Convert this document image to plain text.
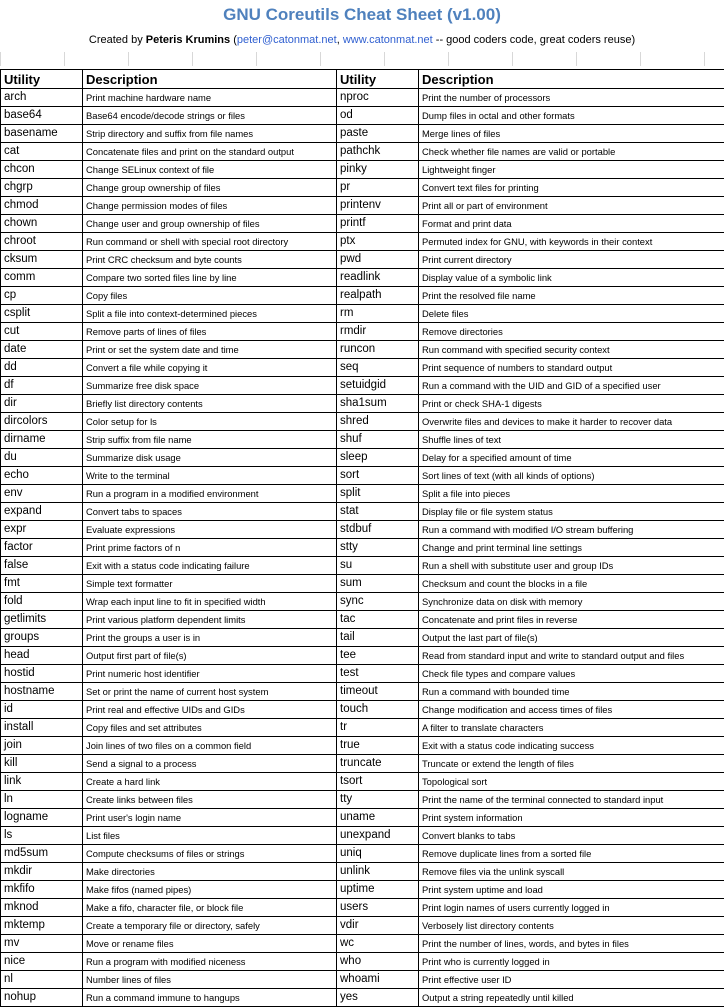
GNU Coreutils Cheat Sheet (v1.00)
Created by Peteris Krumins (peter@catonmat.net, www.catonmat.net -- good coders code, great coders reuse)
Utility	Description	Utility	Description
arch	Print machine hardware name	nproc	Print the number of processors
base64	Base64 encode/decode strings or files	od	Dump files in octal and other formats
basename	Strip directory and suffix from file names	paste	Merge lines of files
cat	Concatenate files and print on the standard output	pathchk	Check whether file names are valid or portable
chcon	Change SELinux context of file	pinky	Lightweight finger
chgrp	Change group ownership of files	pr	Convert text files for printing
chmod	Change permission modes of files	printenv	Print all or part of environment
chown	Change user and group ownership of files	printf	Format and print data
chroot	Run command or shell with special root directory	ptx	Permuted index for GNU, with keywords in their context
cksum	Print CRC checksum and byte counts	pwd	Print current directory
comm	Compare two sorted files line by line	readlink	Display value of a symbolic link
cp	Copy files	realpath	Print the resolved file name
csplit	Split a file into context-determined pieces	rm	Delete files
cut	Remove parts of lines of files	rmdir	Remove directories
date	Print or set the system date and time	runcon	Run command with specified security context
dd	Convert a file while copying it	seq	Print sequence of numbers to standard output
df	Summarize free disk space	setuidgid	Run a command with the UID and GID of a specified user
dir	Briefly list directory contents	sha1sum	Print or check SHA-1 digests
dircolors	Color setup for ls	shred	Overwrite files and devices to make it harder to recover data
dirname	Strip suffix from file name	shuf	Shuffle lines of text
du	Summarize disk usage	sleep	Delay for a specified amount of time
echo	Write to the terminal	sort	Sort lines of text (with all kinds of options)
env	Run a program in a modified environment	split	Split a file into pieces
expand	Convert tabs to spaces	stat	Display file or file system status
expr	Evaluate expressions	stdbuf	Run a command with modified I/O stream buffering
factor	Print prime factors of n	stty	Change and print terminal line settings
false	Exit with a status code indicating failure	su	Run a shell with substitute user and group IDs
fmt	Simple text formatter	sum	Checksum and count the blocks in a file
fold	Wrap each input line to fit in specified width	sync	Synchronize data on disk with memory
getlimits	Print various platform dependent limits	tac	Concatenate and print files in reverse
groups	Print the groups a user is in	tail	Output the last part of file(s)
head	Output first part of file(s)	tee	Read from standard input and write to standard output and files
hostid	Print numeric host identifier	test	Check file types and compare values
hostname	Set or print the name of current host system	timeout	Run a command with bounded time
id	Print real and effective UIDs and GIDs	touch	Change modification and access times of files
install	Copy files and set attributes	tr	A filter to translate characters
join	Join lines of two files on a common field	true	Exit with a status code indicating success
kill	Send a signal to a process	truncate	Truncate or extend the length of files
link	Create a hard link	tsort	Topological sort
ln	Create links between files	tty	Print the name of the terminal connected to standard input
logname	Print user's login name	uname	Print system information
ls	List files	unexpand	Convert blanks to tabs
md5sum	Compute checksums of files or strings	uniq	Remove duplicate lines from a sorted file
mkdir	Make directories	unlink	Remove files via the unlink syscall
mkfifo	Make fifos (named pipes)	uptime	Print system uptime and load
mknod	Make a fifo, character file, or block file	users	Print login names of users currently logged in
mktemp	Create a temporary file or directory, safely	vdir	Verbosely list directory contents
mv	Move or rename files	wc	Print the number of lines, words, and bytes in files
nice	Run a program with modified niceness	who	Print who is currently logged in
nl	Number lines of files	whoami	Print effective user ID
nohup	Run a command immune to hangups	yes	Output a string repeatedly until killed
